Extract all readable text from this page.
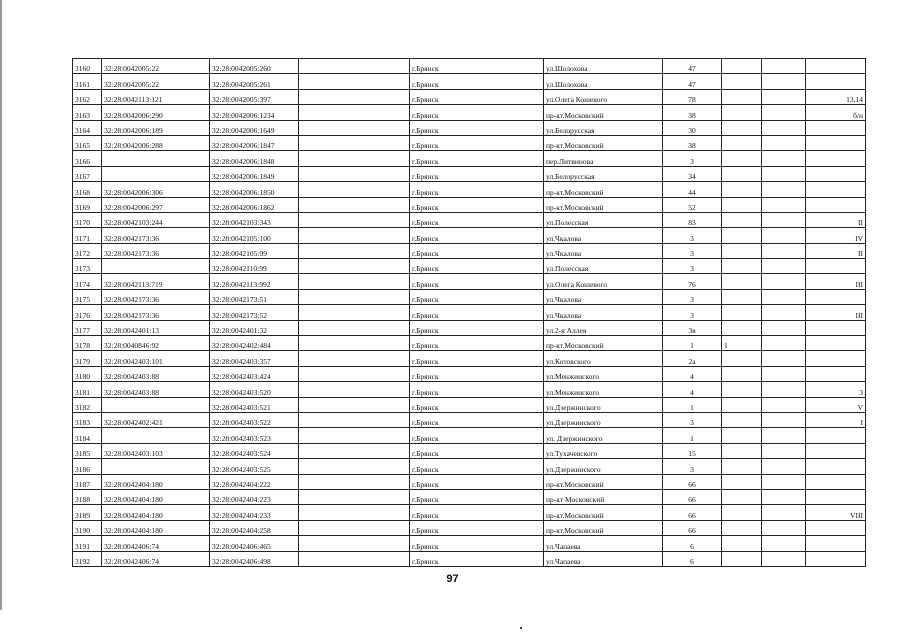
3160	32:28:0042005:22	32:28:0042005:260		г.Брянск	ул.Шолохова	47			
3161	32:28:0042005:22	32:28:0042005:261		г.Брянск	ул.Шолохова	47			
3162	32:28:0042113:121	32:28:0042005:397		г.Брянск	ул.Олега Кошевого	78			13,14
3163	32:28:0042006:290	32:28:0042006:1234		г.Брянск	пр-кт.Московский	38			б/н
3164	32:28:0042006:189	32:28:0042006:1649		г.Брянск	ул.Белорусская	30			
3165	32:28:0042006:288	32:28:0042006:1847		г.Брянск	пр-кт.Московский	38			
3166		32:28:0042006:1848		г.Брянск	пер.Литвинова	3			
3167		32:28:0042006:1849		г.Брянск	ул.Белорусская	34			
3168	32:28:0042006:306	32:28:0042006:1850		г.Брянск	пр-кт.Московский	44			
3169	32:28:0042006:297	32:28:0042006:1862		г.Брянск	пр-кт.Московский	52			
3170	32:28:0042103:244	32:28:0042103:343		г.Брянск	ул.Полесская	83			II
3171	32:28:0042173:36	32:28:0042105:100		г.Брянск	ул.Чкалова	3			IV
3172	32:28:0042173:36	32:28:0042105:99		г.Брянск	ул.Чкалова	3			II
3173		32:28:0042110:99		г.Брянск	ул.Полесская	3			
3174	32:28:0042113:719	32:28:0042113:992		г.Брянск	ул.Олега Кошевого	76			III
3175	32:28:0042173:36	32:28:0042173:51		г.Брянск	ул.Чкалова	3			
3176	32:28:0042173:36	32:28:0042173:52		г.Брянск	ул.Чкалова	3			III
3177	32:28:0042401:13	32:28:0042401:32		г.Брянск	ул.2-я Аллея	3в			
3178	32:28:0040846:92	32:28:0042402:484		г.Брянск	пр-кт.Московский	1	1		
3179	32:28:0042403:101	32:28:0042403:357		г.Брянск	ул.Котовского	2а			
3180	32:28:0042403:88	32:28:0042403:424		г.Брянск	ул.Менжинского	4			
3181	32:28:0042403:88	32:28:0042403:520		г.Брянск	ул.Менжинского	4			3
3182		32:28:0042403:521		г.Брянск	ул.Дзержинского	1			V
3183	32:28:0042402:421	32:28:0042403:522		г.Брянск	ул.Дзержинского	3			I
3184		32:28:0042403:523		г.Брянск	ул. Дзержинского	1			
3185	32:28:0042403:103	32:28:0042403:524		г.Брянск	ул.Тухачевского	15			
3186		32:28:0042403:525		г.Брянск	ул.Дзержинского	3			
3187	32:28:0042404:180	32:28:0042404:222		г.Брянск	пр-кт.Московский	66			
3188	32:28:0042404:180	32:28:0042404:223		г.Брянск	пр-кт Московский	66			
3189	32:28:0042404:180	32:28:0042404:233		г.Брянск	пр-кт.Московский	66			VIII
3190	32:28:0042404:180	32:28:0042404:258		г.Брянск	пр-кт.Московский	66			
3191	32:28:0042406:74	32:28:0042406:465		г.Брянск	ул.Чапаева	6			
3192	32:28:0042406:74	32:28:0042406:498		г.Брянск	ул.Чапаева	6			
97
